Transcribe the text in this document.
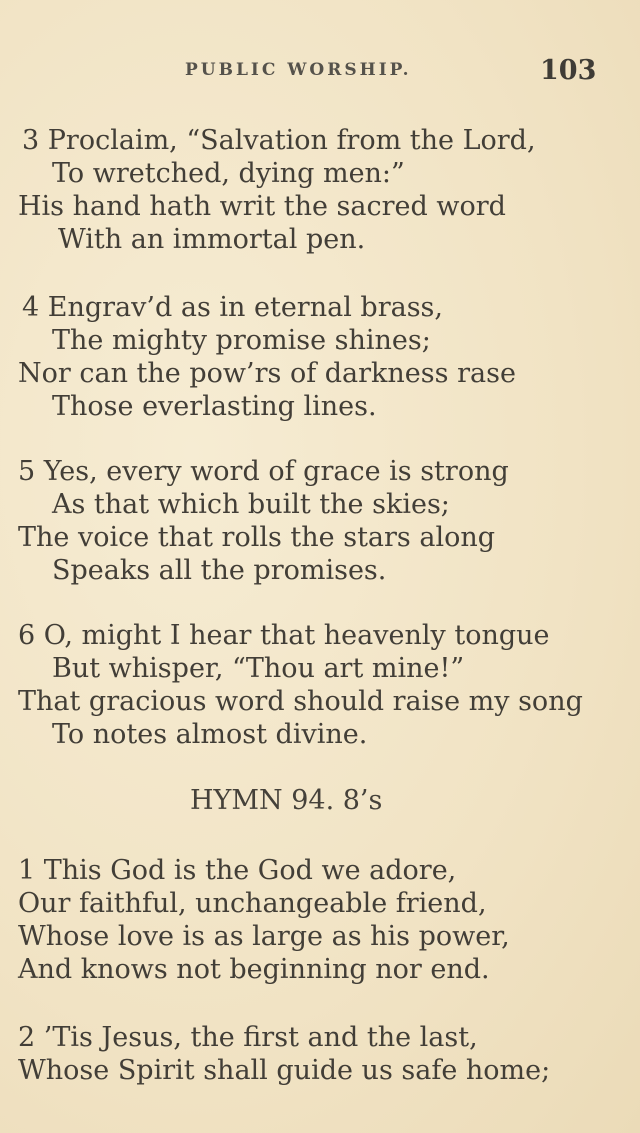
PUBLIC WORSHIP.	103
3 Proclaim, “Salvation from the Lord,
To wretched, dying men:”
His hand hath writ the sacred word
With an immortal pen.
4 Engrav’d as in eternal brass,
The mighty promise shines;
Nor can the pow’rs of darkness rase
Those everlasting lines.
5 Yes, every word of grace is strong
As that which built the skies;
The voice that rolls the stars along
Speaks all the promises.
6 O, might I hear that heavenly tongue
But whisper, “Thou art mine!”
That gracious word should raise my song
To notes almost divine.
HYMN 94. 8’s
1 This God is the God we adore,
Our faithful, unchangeable friend,
Whose love is as large as his power,
And knows not beginning nor end.
2 ’Tis Jesus, the first and the last,
Whose Spirit shall guide us safe home;
